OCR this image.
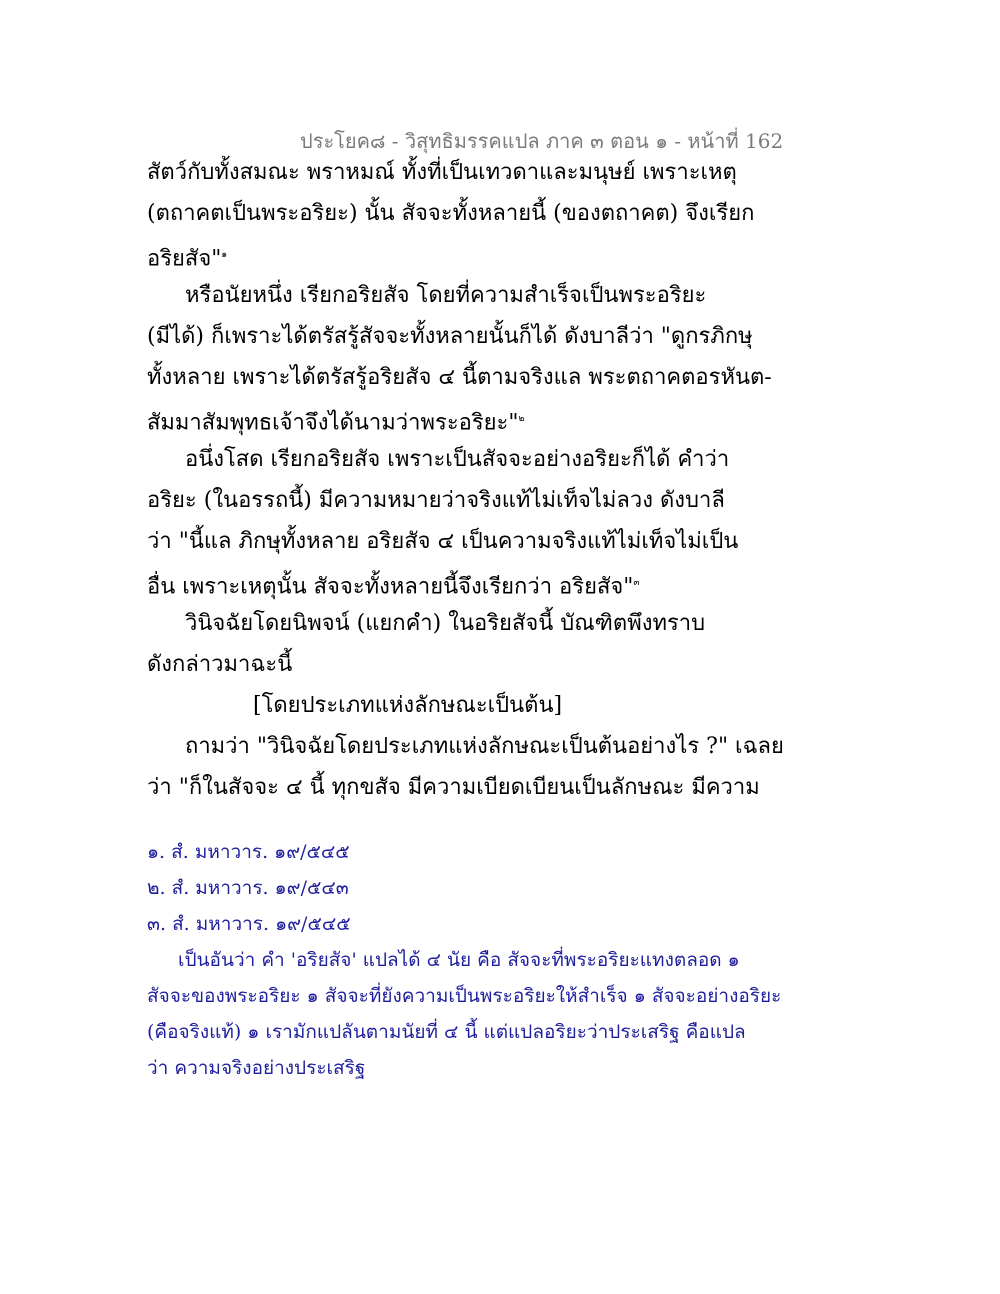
ประโยค๘ - วิสุทธิมรรคแปล ภาค ๓ ตอน ๑ - หน้าที่ 162
สัตว์กับทั้งสมณะ พราหมณ์ ทั้งที่เป็นเทวดาและมนุษย์ เพราะเหตุ
(ตถาคตเป็นพระอริยะ) นั้น สัจจะทั้งหลายนี้ (ของตถาคต) จึงเรียก
อริยสัจ"$^๑$
หรือนัยหนึ่ง เรียกอริยสัจ โดยที่ความสำเร็จเป็นพระอริยะ
(มีได้) ก็เพราะได้ตรัสรู้สัจจะทั้งหลายนั้นก็ได้ ดังบาลีว่า "ดูกรภิกษุ
ทั้งหลาย เพราะได้ตรัสรู้อริยสัจ ๔ นี้ตามจริงแล พระตถาคตอรหันต-
สัมมาสัมพุทธเจ้าจึงได้นามว่าพระอริยะ"$^๒$
อนึ่งโสด เรียกอริยสัจ เพราะเป็นสัจจะอย่างอริยะก็ได้ คำว่า
อริยะ (ในอรรถนี้) มีความหมายว่าจริงแท้ไม่เท็จไม่ลวง ดังบาลี
ว่า "นี้แล ภิกษุทั้งหลาย อริยสัจ ๔ เป็นความจริงแท้ไม่เท็จไม่เป็น
อื่น เพราะเหตุนั้น สัจจะทั้งหลายนี้จึงเรียกว่า อริยสัจ"$^๓$
วินิจฉัยโดยนิพจน์ (แยกคำ) ในอริยสัจนี้ บัณฑิตพึงทราบ
ดังกล่าวมาฉะนี้
[โดยประเภทแห่งลักษณะเป็นต้น]
ถามว่า "วินิจฉัยโดยประเภทแห่งลักษณะเป็นต้นอย่างไร ?" เฉลย
ว่า "ก็ในสัจจะ ๔ นี้ ทุกขสัจ มีความเบียดเบียนเป็นลักษณะ มีความ
๑. สํ. มหาวาร. ๑๙/๕๔๕
๒. สํ. มหาวาร. ๑๙/๕๔๓
๓. สํ. มหาวาร. ๑๙/๕๔๕
เป็นอันว่า คำ 'อริยสัจ' แปลได้ ๔ นัย คือ สัจจะที่พระอริยะแทงตลอด ๑
สัจจะของพระอริยะ ๑ สัจจะที่ยังความเป็นพระอริยะให้สำเร็จ ๑ สัจจะอย่างอริยะ
(คือจริงแท้) ๑ เรามักแปลันตามนัยที่ ๔ นี้ แต่แปลอริยะว่าประเสริฐ คือแปล
ว่า ความจริงอย่างประเสริฐ
